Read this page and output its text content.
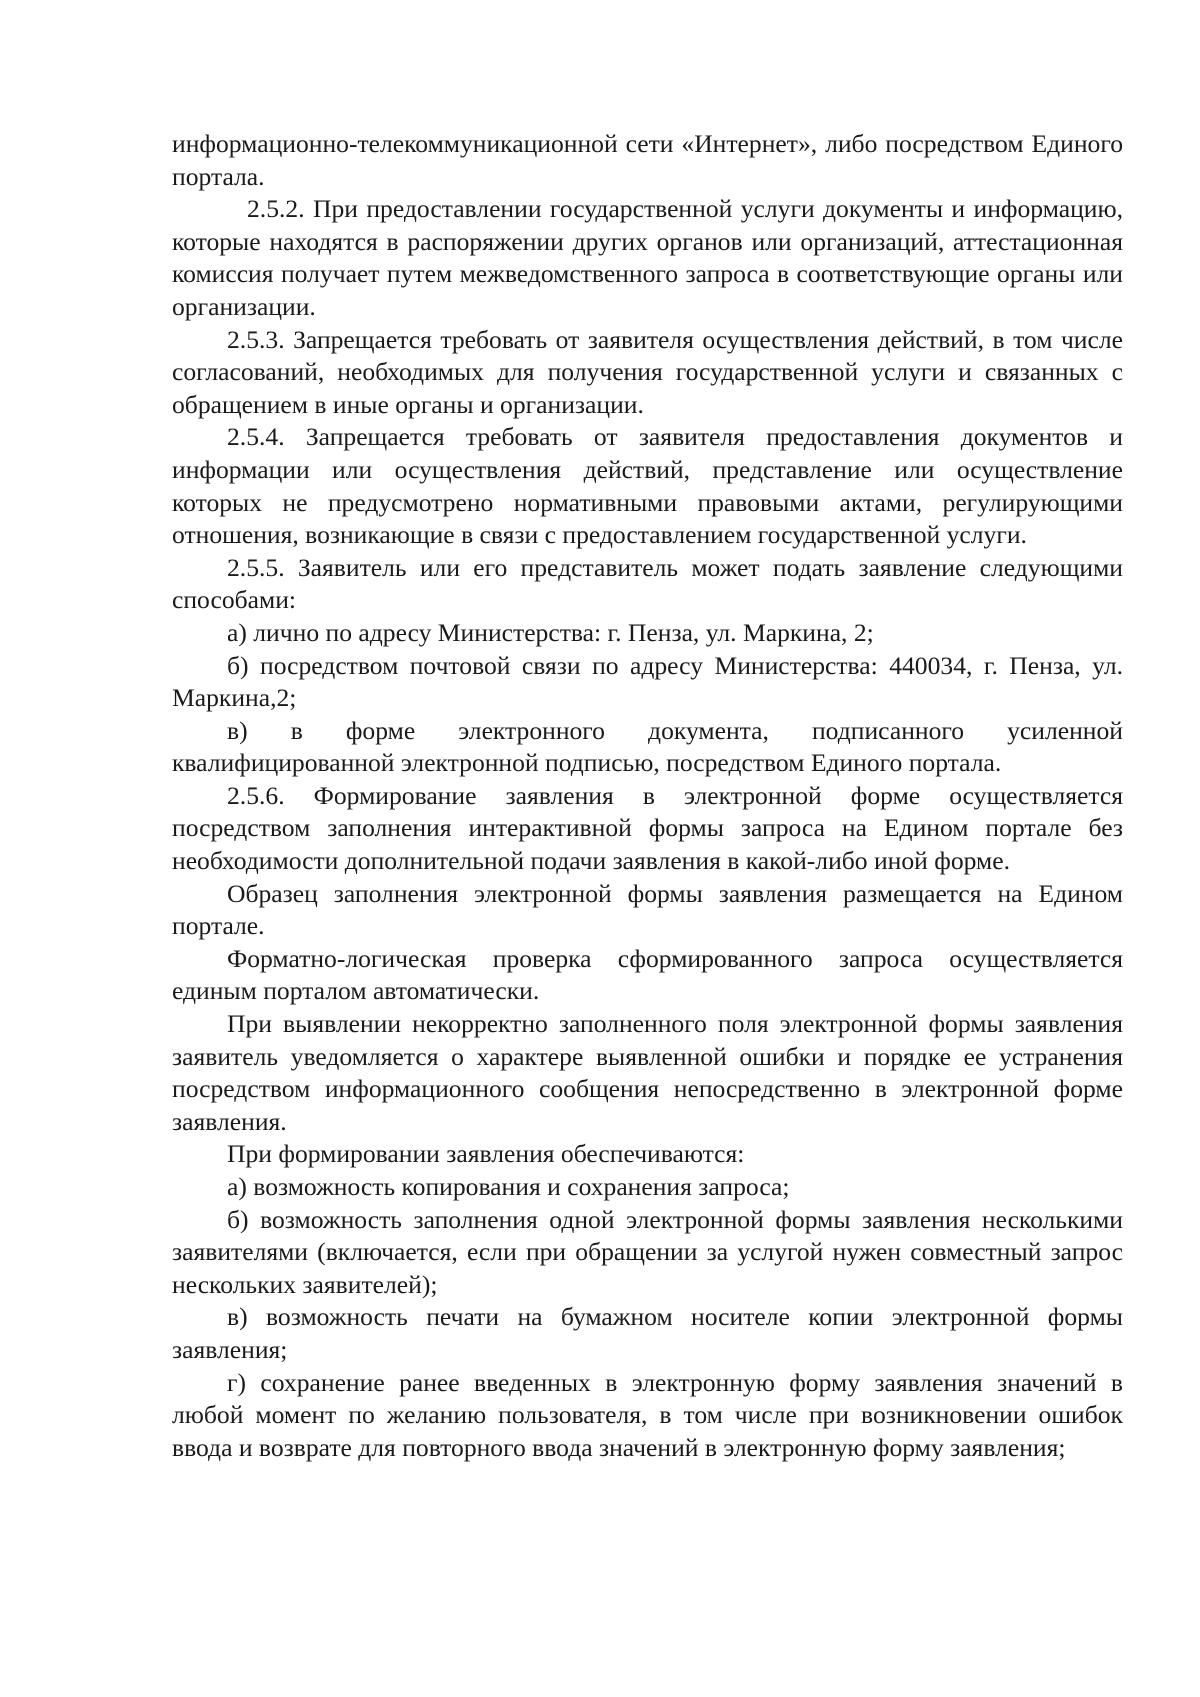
информационно-телекоммуникационной сети «Интернет», либо посредством Единого портала.

2.5.2. При предоставлении государственной услуги документы и информацию, которые находятся в распоряжении других органов или организаций, аттестационная комиссия получает путем межведомственного запроса в соответствующие органы или организации.

2.5.3. Запрещается требовать от заявителя осуществления действий, в том числе согласований, необходимых для получения государственной услуги и связанных с обращением в иные органы и организации.

2.5.4. Запрещается требовать от заявителя предоставления документов и информации или осуществления действий, представление или осуществление которых не предусмотрено нормативными правовыми актами, регулирующими отношения, возникающие в связи с предоставлением государственной услуги.

2.5.5. Заявитель или его представитель может подать заявление следующими способами:

а) лично по адресу Министерства: г. Пенза, ул. Маркина, 2;

б) посредством почтовой связи по адресу Министерства: 440034, г. Пенза, ул. Маркина,2;

в) в форме электронного документа, подписанного усиленной квалифицированной электронной подписью, посредством Единого портала.

2.5.6. Формирование заявления в электронной форме осуществляется посредством заполнения интерактивной формы запроса на Едином портале без необходимости дополнительной подачи заявления в какой-либо иной форме.

Образец заполнения электронной формы заявления размещается на Едином портале.

Форматно-логическая проверка сформированного запроса осуществляется единым порталом автоматически.

При выявлении некорректно заполненного поля электронной формы заявления заявитель уведомляется о характере выявленной ошибки и порядке ее устранения посредством информационного сообщения непосредственно в электронной форме заявления.

При формировании заявления обеспечиваются:

а) возможность копирования и сохранения запроса;

б) возможность заполнения одной электронной формы заявления несколькими заявителями (включается, если при обращении за услугой нужен совместный запрос нескольких заявителей);

в) возможность печати на бумажном носителе копии электронной формы заявления;

г) сохранение ранее введенных в электронную форму заявления значений в любой момент по желанию пользователя, в том числе при возникновении ошибок ввода и возврате для повторного ввода значений в электронную форму заявления;
